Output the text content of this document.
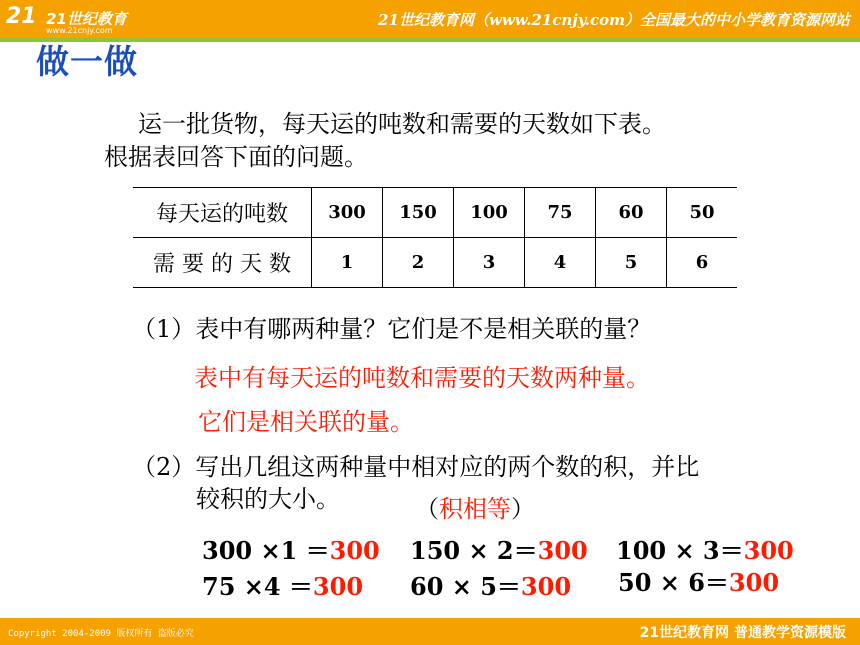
21 21世纪教育
www.21cnjy.com
21世纪教育网（www.21cnjy.com）全国最大的中小学教育资源网站
做一做
运一批货物，每天运的吨数和需要的天数如下表。
根据表回答下面的问题。
每天运的吨数	300	150	100	75	60	50
需 要 的 天 数	1	2	3	4	5	6
（1）表中有哪两种量？它们是不是相关联的量？
表中有每天运的吨数和需要的天数两种量。
它们是相关联的量。
（2）写出几组这两种量中相对应的两个数的积，并比
较积的大小。	（积相等）
300 ×1 ＝300 150 × 2＝300 100 × 3＝300
75 ×4 ＝300 60 × 5＝300 50 × 6＝300
Copyright 2004-2009 版权所有 盗版必究	21世纪教育网 普通教学资源模版
